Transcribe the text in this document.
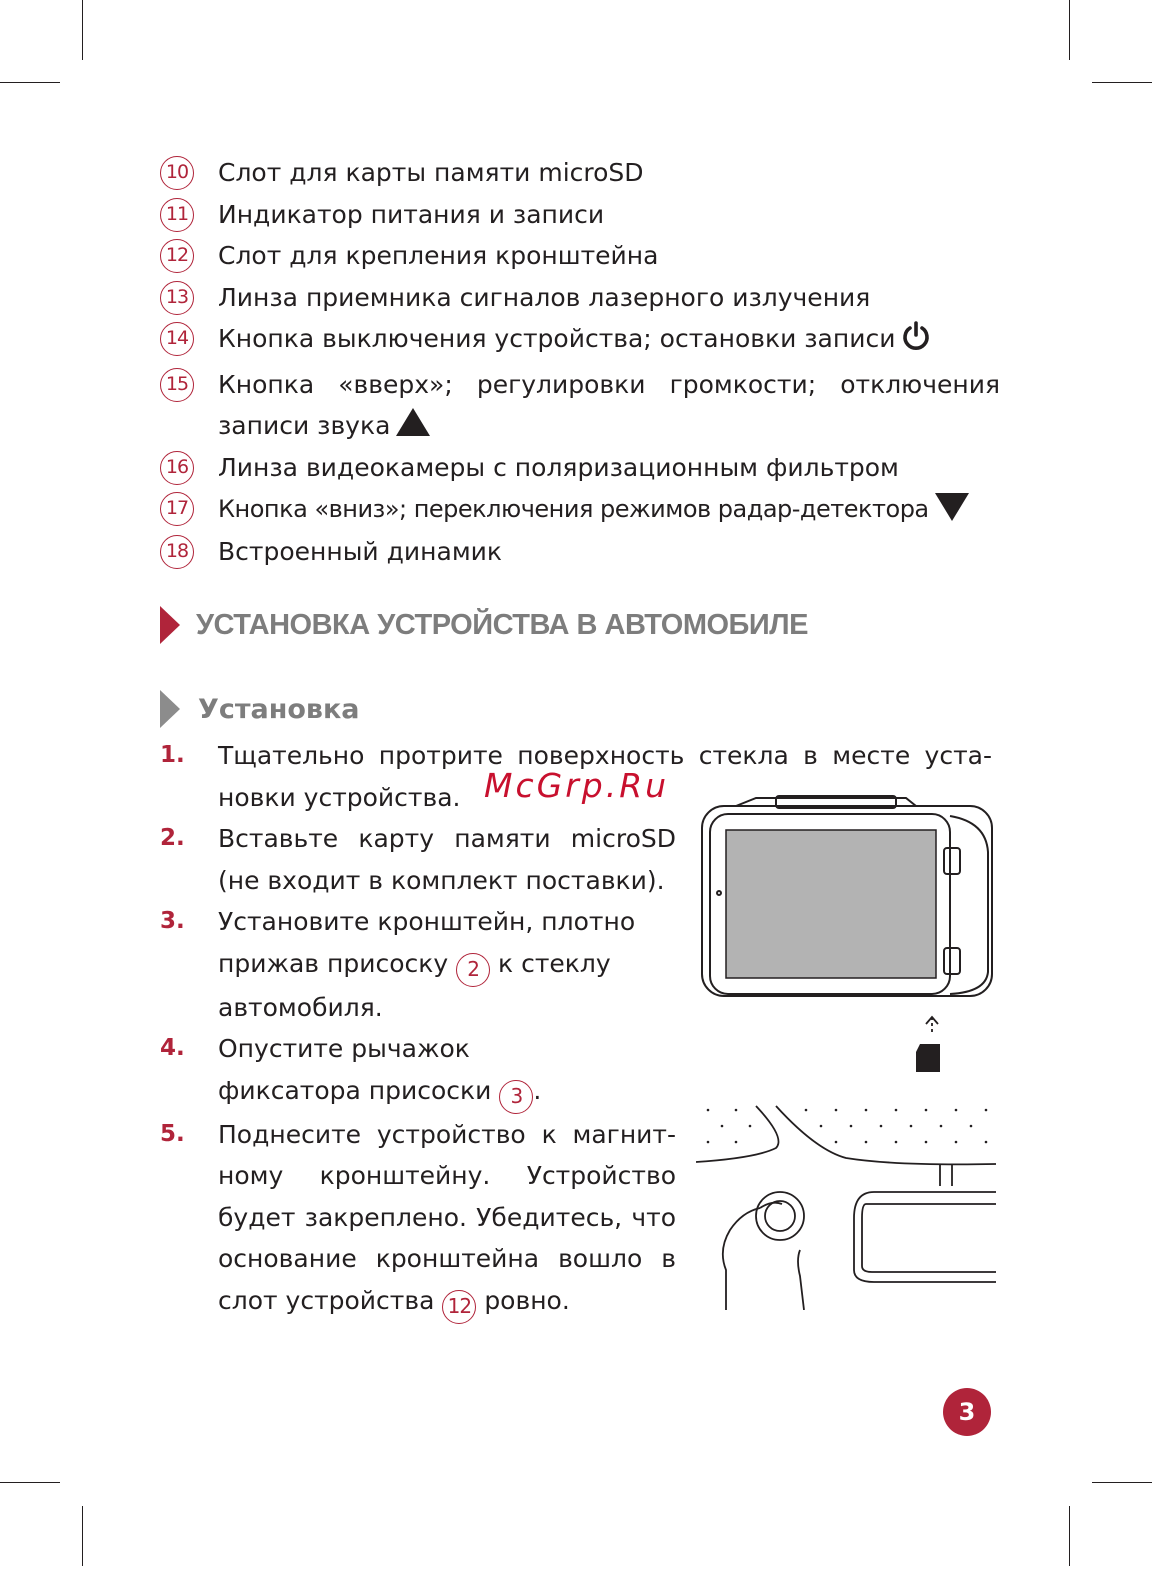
10 Слот для карты памяти microSD
11 Индикатор питания и записи
12 Слот для крепления кронштейна
13 Линза приемника сигналов лазерного излучения
14 Кнопка выключения устройства; остановки записи
15 Кнопка «вверх»; регулировки громкости; отключения записи звука
16 Линза видеокамеры с поляризационным фильтром
17 Кнопка «вниз»; переключения режимов радар-детектора
18 Встроенный динамик
УСТАНОВКА УСТРОЙСТВА В АВТОМОБИЛЕ
Установка
1. Тщательно протрите поверхность стекла в месте уста-новки устройства.
2. Вставьте карту памяти microSD (не входит в комплект поставки).
3. Установите кронштейн, плотно прижав присоску 2 к стеклу автомобиля.
4. Опустите рычажок фиксатора присоски 3 .
5. Поднесите устройство к магнит-ному кронштейну. Устройство будет закреплено. Убедитесь, что основание кронштейна вошло в слот устройства 12 ровно.
McGrp.Ru
3
